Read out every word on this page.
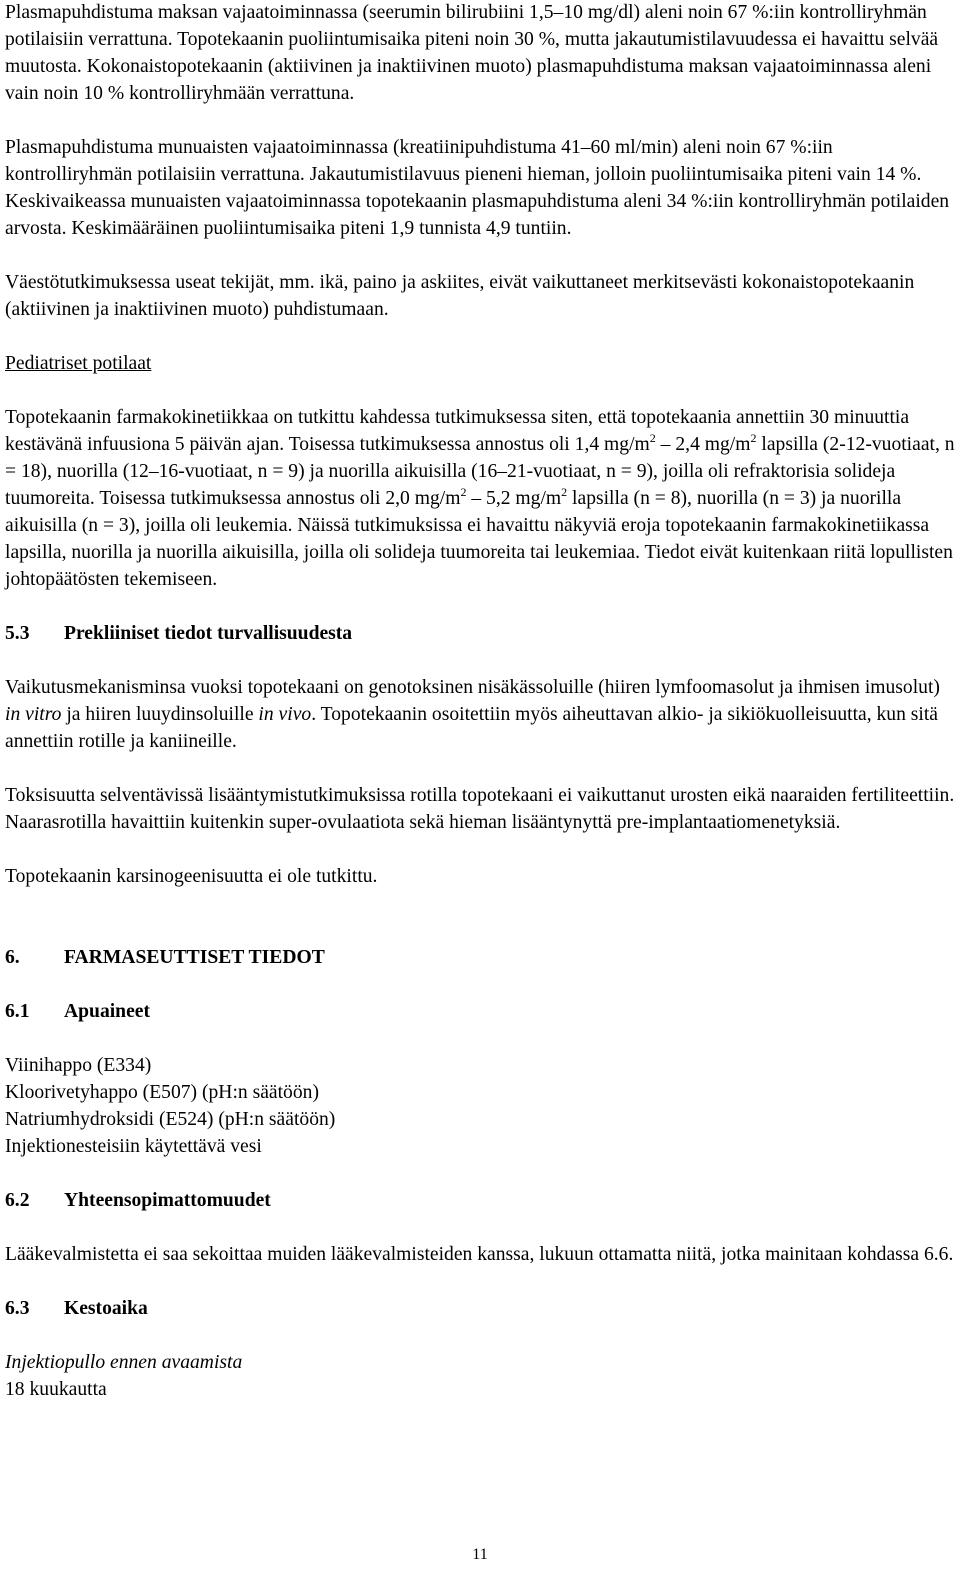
Plasmapuhdistuma maksan vajaatoiminnassa (seerumin bilirubiini 1,5–10 mg/dl) aleni noin 67 %:iin kontrolliryhmän potilaisiin verrattuna. Topotekaanin puoliintumisaika piteni noin 30 %, mutta jakautumistilavuudessa ei havaittu selvää muutosta. Kokonaistopotekaanin (aktiivinen ja inaktiivinen muoto) plasmapuhdistuma maksan vajaatoiminnassa aleni vain noin 10 % kontrolliryhmään verrattuna.

Plasmapuhdistuma munuaisten vajaatoiminnassa (kreatiinipuhdistuma 41–60 ml/min) aleni noin 67 %:iin kontrolliryhmän potilaisiin verrattuna. Jakautumistilavuus pieneni hieman, jolloin puoliintumisaika piteni vain 14 %. Keskivaikeassa munuaisten vajaatoiminnassa topotekaanin plasmapuhdistuma aleni 34 %:iin kontrolliryhmän potilaiden arvosta. Keskimääräinen puoliintumisaika piteni 1,9 tunnista 4,9 tuntiin.

Väestötutkimuksessa useat tekijät, mm. ikä, paino ja askiites, eivät vaikuttaneet merkitsevästi kokonaistopotekaanin (aktiivinen ja inaktiivinen muoto) puhdistumaan.

Pediatriset potilaat

Topotekaanin farmakokinetiikkaa on tutkittu kahdessa tutkimuksessa siten, että topotekaania annettiin 30 minuuttia kestävänä infuusiona 5 päivän ajan. Toisessa tutkimuksessa annostus oli 1,4 $mg/m^2 - 2,4$ $mg/m^2$ lapsilla (2-12-vuotiaat, n = 18), nuorilla (12–16-vuotiaat, n = 9) ja nuorilla aikuisilla (16–21-vuotiaat, n = 9), joilla oli refraktorisia solideja tuumoreita. Toisessa tutkimuksessa annostus oli 2,0 $mg/m^2 - 5,2$ $mg/m^2$ lapsilla (n = 8), nuorilla (n = 3) ja nuorilla aikuisilla (n = 3), joilla oli leukemia. Näissä tutkimuksissa ei havaittu näkyviä eroja topotekaanin farmakokinetiikassa lapsilla, nuorilla ja nuorilla aikuisilla, joilla oli solideja tuumoreita tai leukemiaa. Tiedot eivät kuitenkaan riitä lopullisten johtopäätösten tekemiseen.

5.3 Prekliiniset tiedot turvallisuudesta

Vaikutusmekanisminsa vuoksi topotekaani on genotoksinen nisäkässoluille (hiiren lymfoomasolut ja ihmisen imusolut) in vitro ja hiiren luuydinsoluille in vivo. Topotekaanin osoitettiin myös aiheuttavan alkio- ja sikiökuolleisuutta, kun sitä annettiin rotille ja kaniineille.

Toksisuutta selventävissä lisääntymistutkimuksissa rotilla topotekaani ei vaikuttanut urosten eikä naaraiden fertiliteettiin. Naarasrotilla havaittiin kuitenkin super-ovulaatiota sekä hieman lisääntynyttä pre-implantaatiomenetyksiä.

Topotekaanin karsinogeenisuutta ei ole tutkittu.

6. FARMASEUTTISET TIEDOT

6.1 Apuaineet

Viinihappo (E334)

Kloorivetyhappo (E507) (pH:n säätöön)

Natriumhydroksidi (E524) (pH:n säätöön)

Injektionesteisiin käytettävä vesi

6.2 Yhteensopimattomuudet

Lääkevalmistetta ei saa sekoittaa muiden lääkevalmisteiden kanssa, lukuun ottamatta niitä, jotka mainitaan kohdassa 6.6.

6.3 Kestoaika

Injektiopullo ennen avaamista

18 kuukautta

11
